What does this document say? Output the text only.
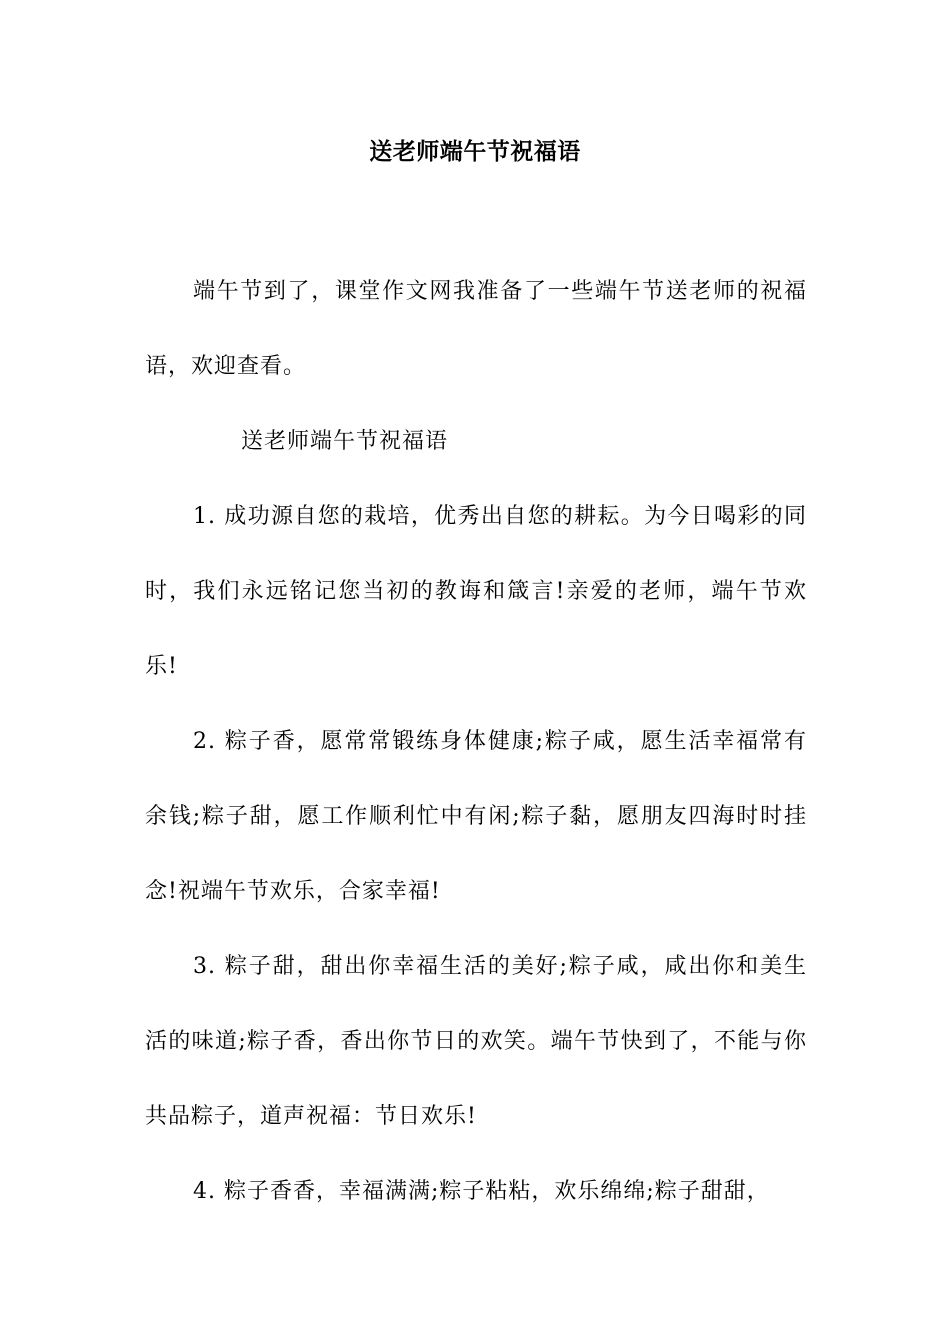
送老师端午节祝福语

端午节到了，课堂作文网我准备了一些端午节送老师的祝福语，欢迎查看。

送老师端午节祝福语

1. 成功源自您的栽培，优秀出自您的耕耘。为今日喝彩的同时，我们永远铭记您当初的教诲和箴言!亲爱的老师，端午节欢乐!

2. 粽子香，愿常常锻练身体健康;粽子咸，愿生活幸福常有余钱;粽子甜，愿工作顺利忙中有闲;粽子黏，愿朋友四海时时挂念!祝端午节欢乐，合家幸福!

3. 粽子甜，甜出你幸福生活的美好;粽子咸，咸出你和美生活的味道;粽子香，香出你节日的欢笑。端午节快到了，不能与你共品粽子，道声祝福：节日欢乐!

4. 粽子香香，幸福满满;粽子粘粘，欢乐绵绵;粽子甜甜，
